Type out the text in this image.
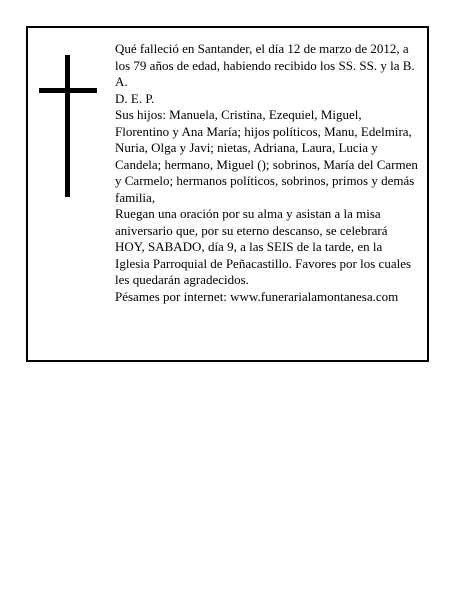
Qué falleció en Santander, el día 12 de marzo de 2012, a los 79 años de edad, habiendo recibido los SS. SS. y la B. A.

D. E. P.

Sus hijos: Manuela, Cristina, Ezequiel, Miguel, Florentino y Ana María; hijos políticos, Manu, Edelmira, Nuria, Olga y Javi; nietas, Adriana, Laura, Lucia y Candela; hermano, Miguel (); sobrinos, María del Carmen y Carmelo; hermanos políticos, sobrinos, primos y demás familia,

Ruegan una oración por su alma y asistan a la misa aniversario que, por su eterno descanso, se celebrará HOY, SABADO, día 9, a las SEIS de la tarde, en la Iglesia Parroquial de Peñacastillo. Favores por los cuales les quedarán agradecidos.

Pésames por internet: www.funerarialamontanesa.com
